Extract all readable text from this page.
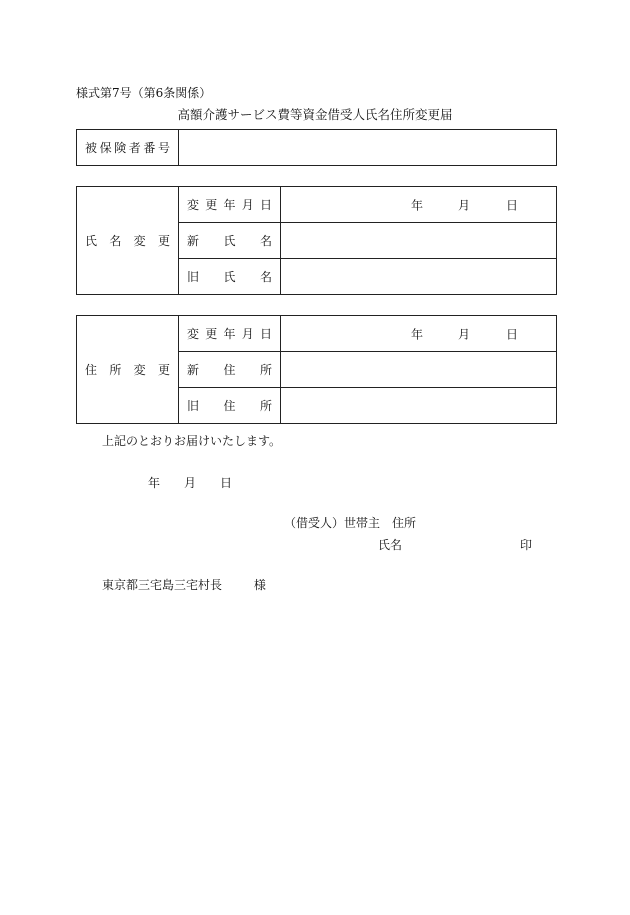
様式第7号（第6条関係）
高額介護サービス費等資金借受人氏名住所変更届
被 保 険 者 番 号

氏 名 変 更	変 更 年 月 日	年 月 日

	新 氏 名	

	旧 氏 名	

住 所 変 更	変 更 年 月 日	年 月 日

	新 住 所	

	旧 住 所	

上記のとおりお届けいたします。
年 月 日
（借受人）世帯主　住所
氏名	印
東京都三宅島三宅村長	様
